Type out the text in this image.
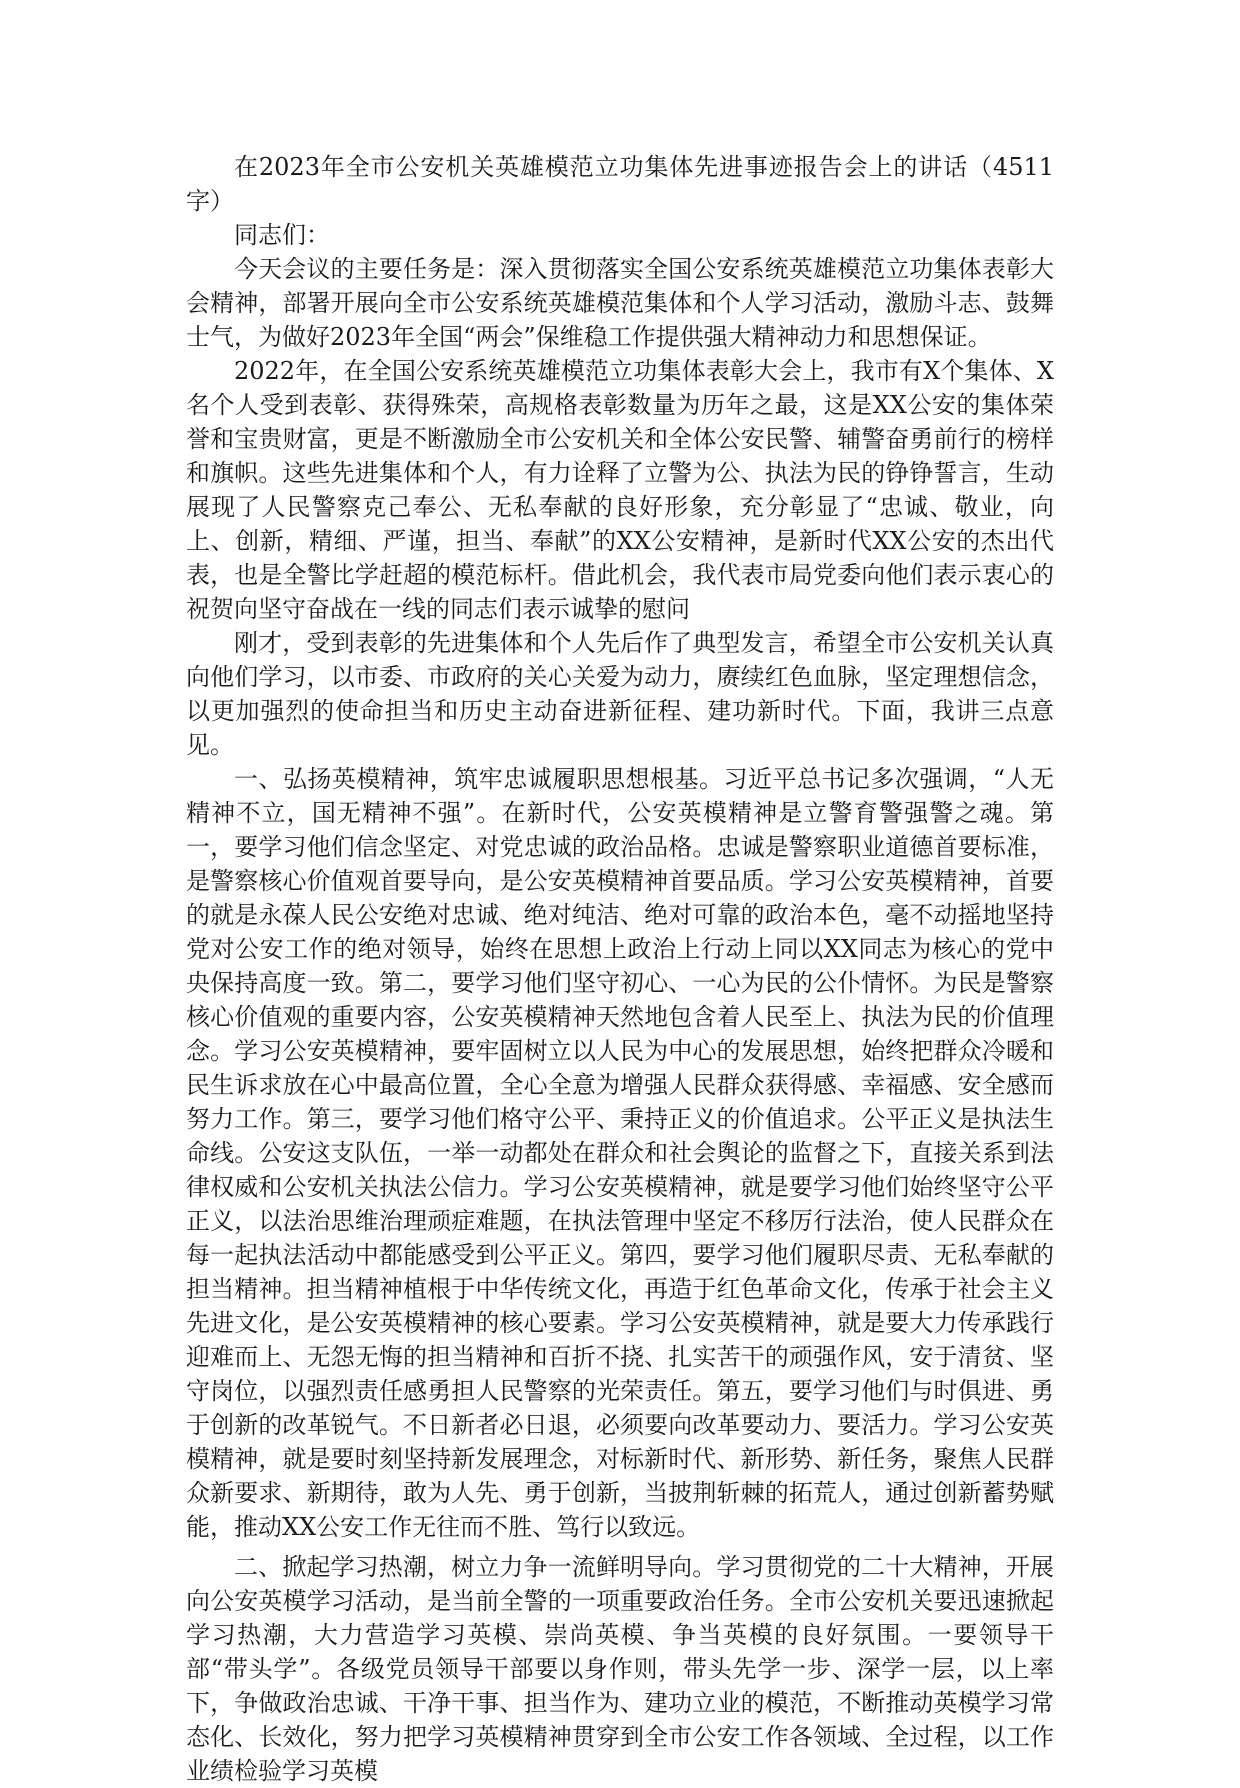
在2023年全市公安机关英雄模范立功集体先进事迹报告会上的讲话（4511字）

同志们：

今天会议的主要任务是：深入贯彻落实全国公安系统英雄模范立功集体表彰大会精神，部署开展向全市公安系统英雄模范集体和个人学习活动，激励斗志、鼓舞士气，为做好2023年全国“两会”保维稳工作提供强大精神动力和思想保证。

2022年，在全国公安系统英雄模范立功集体表彰大会上，我市有X个集体、X名个人受到表彰、获得殊荣，高规格表彰数量为历年之最，这是XX公安的集体荣誉和宝贵财富，更是不断激励全市公安机关和全体公安民警、辅警奋勇前行的榜样和旗帜。这些先进集体和个人，有力诠释了立警为公、执法为民的铮铮誓言，生动展现了人民警察克己奉公、无私奉献的良好形象，充分彰显了“忠诚、敬业，向上、创新，精细、严谨，担当、奉献”的XX公安精神，是新时代XX公安的杰出代表，也是全警比学赶超的模范标杆。借此机会，我代表市局党委向他们表示衷心的祝贺向坚守奋战在一线的同志们表示诚挚的慰问

刚才，受到表彰的先进集体和个人先后作了典型发言，希望全市公安机关认真向他们学习，以市委、市政府的关心关爱为动力，赓续红色血脉，坚定理想信念，以更加强烈的使命担当和历史主动奋进新征程、建功新时代。下面，我讲三点意见。

一、弘扬英模精神，筑牢忠诚履职思想根基。习近平总书记多次强调，“人无精神不立，国无精神不强”。在新时代，公安英模精神是立警育警强警之魂。第一，要学习他们信念坚定、对党忠诚的政治品格。忠诚是警察职业道德首要标准，是警察核心价值观首要导向，是公安英模精神首要品质。学习公安英模精神，首要的就是永葆人民公安绝对忠诚、绝对纯洁、绝对可靠的政治本色，毫不动摇地坚持党对公安工作的绝对领导，始终在思想上政治上行动上同以XX同志为核心的党中央保持高度一致。第二，要学习他们坚守初心、一心为民的公仆情怀。为民是警察核心价值观的重要内容，公安英模精神天然地包含着人民至上、执法为民的价值理念。学习公安英模精神，要牢固树立以人民为中心的发展思想，始终把群众冷暖和民生诉求放在心中最高位置，全心全意为增强人民群众获得感、幸福感、安全感而努力工作。第三，要学习他们格守公平、秉持正义的价值追求。公平正义是执法生命线。公安这支队伍，一举一动都处在群众和社会舆论的监督之下，直接关系到法律权威和公安机关执法公信力。学习公安英模精神，就是要学习他们始终坚守公平正义，以法治思维治理顽症难题，在执法管理中坚定不移厉行法治，使人民群众在每一起执法活动中都能感受到公平正义。第四，要学习他们履职尽责、无私奉献的担当精神。担当精神植根于中华传统文化，再造于红色革命文化，传承于社会主义先进文化，是公安英模精神的核心要素。学习公安英模精神，就是要大力传承践行迎难而上、无怨无悔的担当精神和百折不挠、扎实苦干的顽强作风，安于清贫、坚守岗位，以强烈责任感勇担人民警察的光荣责任。第五，要学习他们与时俱进、勇于创新的改革锐气。不日新者必日退，必须要向改革要动力、要活力。学习公安英模精神，就是要时刻坚持新发展理念，对标新时代、新形势、新任务，聚焦人民群众新要求、新期待，敢为人先、勇于创新，当披荆斩棘的拓荒人，通过创新蓄势赋能，推动XX公安工作无往而不胜、笃行以致远。

二、掀起学习热潮，树立力争一流鲜明导向。学习贯彻党的二十大精神，开展向公安英模学习活动，是当前全警的一项重要政治任务。全市公安机关要迅速掀起学习热潮，大力营造学习英模、崇尚英模、争当英模的良好氛围。一要领导干部“带头学”。各级党员领导干部要以身作则，带头先学一步、深学一层，以上率下，争做政治忠诚、干净干事、担当作为、建功立业的模范，不断推动英模学习常态化、长效化，努力把学习英模精神贯穿到全市公安工作各领域、全过程，以工作业绩检验学习英模
